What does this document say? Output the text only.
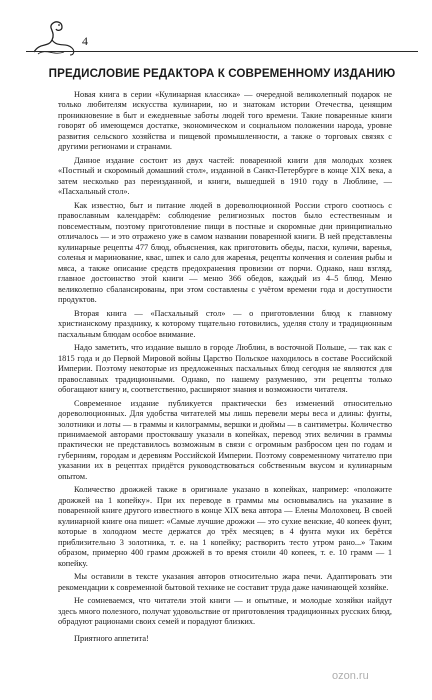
4
ПРЕДИСЛОВИЕ РЕДАКТОРА К СОВРЕМЕННОМУ ИЗДАНИЮ

Новая книга в серии «Кулинарная классика» — очередной великолепный подарок не только любителям искусства кулинарии, но и знатокам истории Отечества, ценящим проникновение в быт и ежедневные заботы людей того времени. Такие поваренные книги говорят об имеющемся достатке, экономическом и социальном положении народа, уровне развития сельского хозяйства и пищевой промышленности, а также о торговых связях с другими регионами и странами.

Данное издание состоит из двух частей: поваренной книги для молодых хозяек «Постный и скоромный домашний стол», изданной в Санкт-Петербурге в конце XIX века, а затем несколько раз переизданной, и книги, вышедшей в 1910 году в Люблине, — «Пасхальный стол».

Как известно, быт и питание людей в дореволюционной России строго соотнось с православным календарём: соблюдение религиозных постов было естественным и повсеместным, поэтому приготовление пищи в постные и скоромные дни принципиально отличалось — и это отражено уже в самом названии поваренной книги. В ней представлены кулинарные рецепты 477 блюд, объяснения, как приготовить обеды, пасхи, куличи, варенья, соленья и маринование, квас, шпек и сало для жаренья, рецепты копчения и соления рыбы и мяса, а также описание средств предохранения провизии от порчи. Однако, наш взгляд, главное достоинство этой книги — меню 366 обедов, каждый из 4–5 блюд. Меню великолепно сбалансированы, при этом составлены с учётом времени года и доступности продуктов.

Вторая книга — «Пасхальный стол» — о приготовлении блюд к главному христианскому празднику, к которому тщательно готовились, уделяя столу и традиционным пасхальным блюдам особое внимание.

Надо заметить, что издание вышло в городе Люблин, в восточной Польше, — так как с 1815 года и до Первой Мировой войны Царство Польское находилось в составе Российской Империи. Поэтому некоторые из предложенных пасхальных блюд сегодня не являются для православных традиционными. Однако, по нашему разумению, эти рецепты только обогащают книгу и, соответственно, расширяют знания и возможности читателя.

Современное издание публикуется практически без изменений относительно дореволюционных. Для удобства читателей мы лишь перевели меры веса и длины: фунты, золотники и лоты — в граммы и килограммы, вершки и дюймы — в сантиметры. Количество принимаемой авторами простоквашу указали в копейках, перевод этих величин в граммы практически не представилось возможным в связи с огромным разбросом цен по годам и губерниям, городам и деревням Российской Империи. Поэтому современному читателю при указании их в рецептах придётся руководствоваться собственным вкусом и кулинарным опытом.

Количество дрожжей также в оригинале указано в копейках, например: «положите дрожжей на 1 копейку». При их переводе в граммы мы основывались на указание в поваренной книге другого известного в конце XIX века автора — Елены Молоховец. В своей кулинарной книге она пишет: «Самые лучшие дрожжи — это сухие венские, 40 копеек фунт, которые в холодном месте держатся до трёх месяцев; в 4 фунта муки их берётся приблизительно 3 золотника, т. е. на 1 копейку; растворить тесто утром рано...» Таким образом, примерно 400 грамм дрожжей в то время стоили 40 копеек, т. е. 10 грамм — 1 копейку.

Мы оставили в тексте указания авторов относительно жара печи. Адаптировать эти рекомендации к современной бытовой технике не составит труда даже начинающей хозяйке.

Не сомневаемся, что читатели этой книги — и опытные, и молодые хозяйки найдут здесь много полезного, получат удовольствие от приготовления традиционных русских блюд, обрадуют рационами своих семей и порадуют близких.

Приятного аппетита!

ozon.ru
